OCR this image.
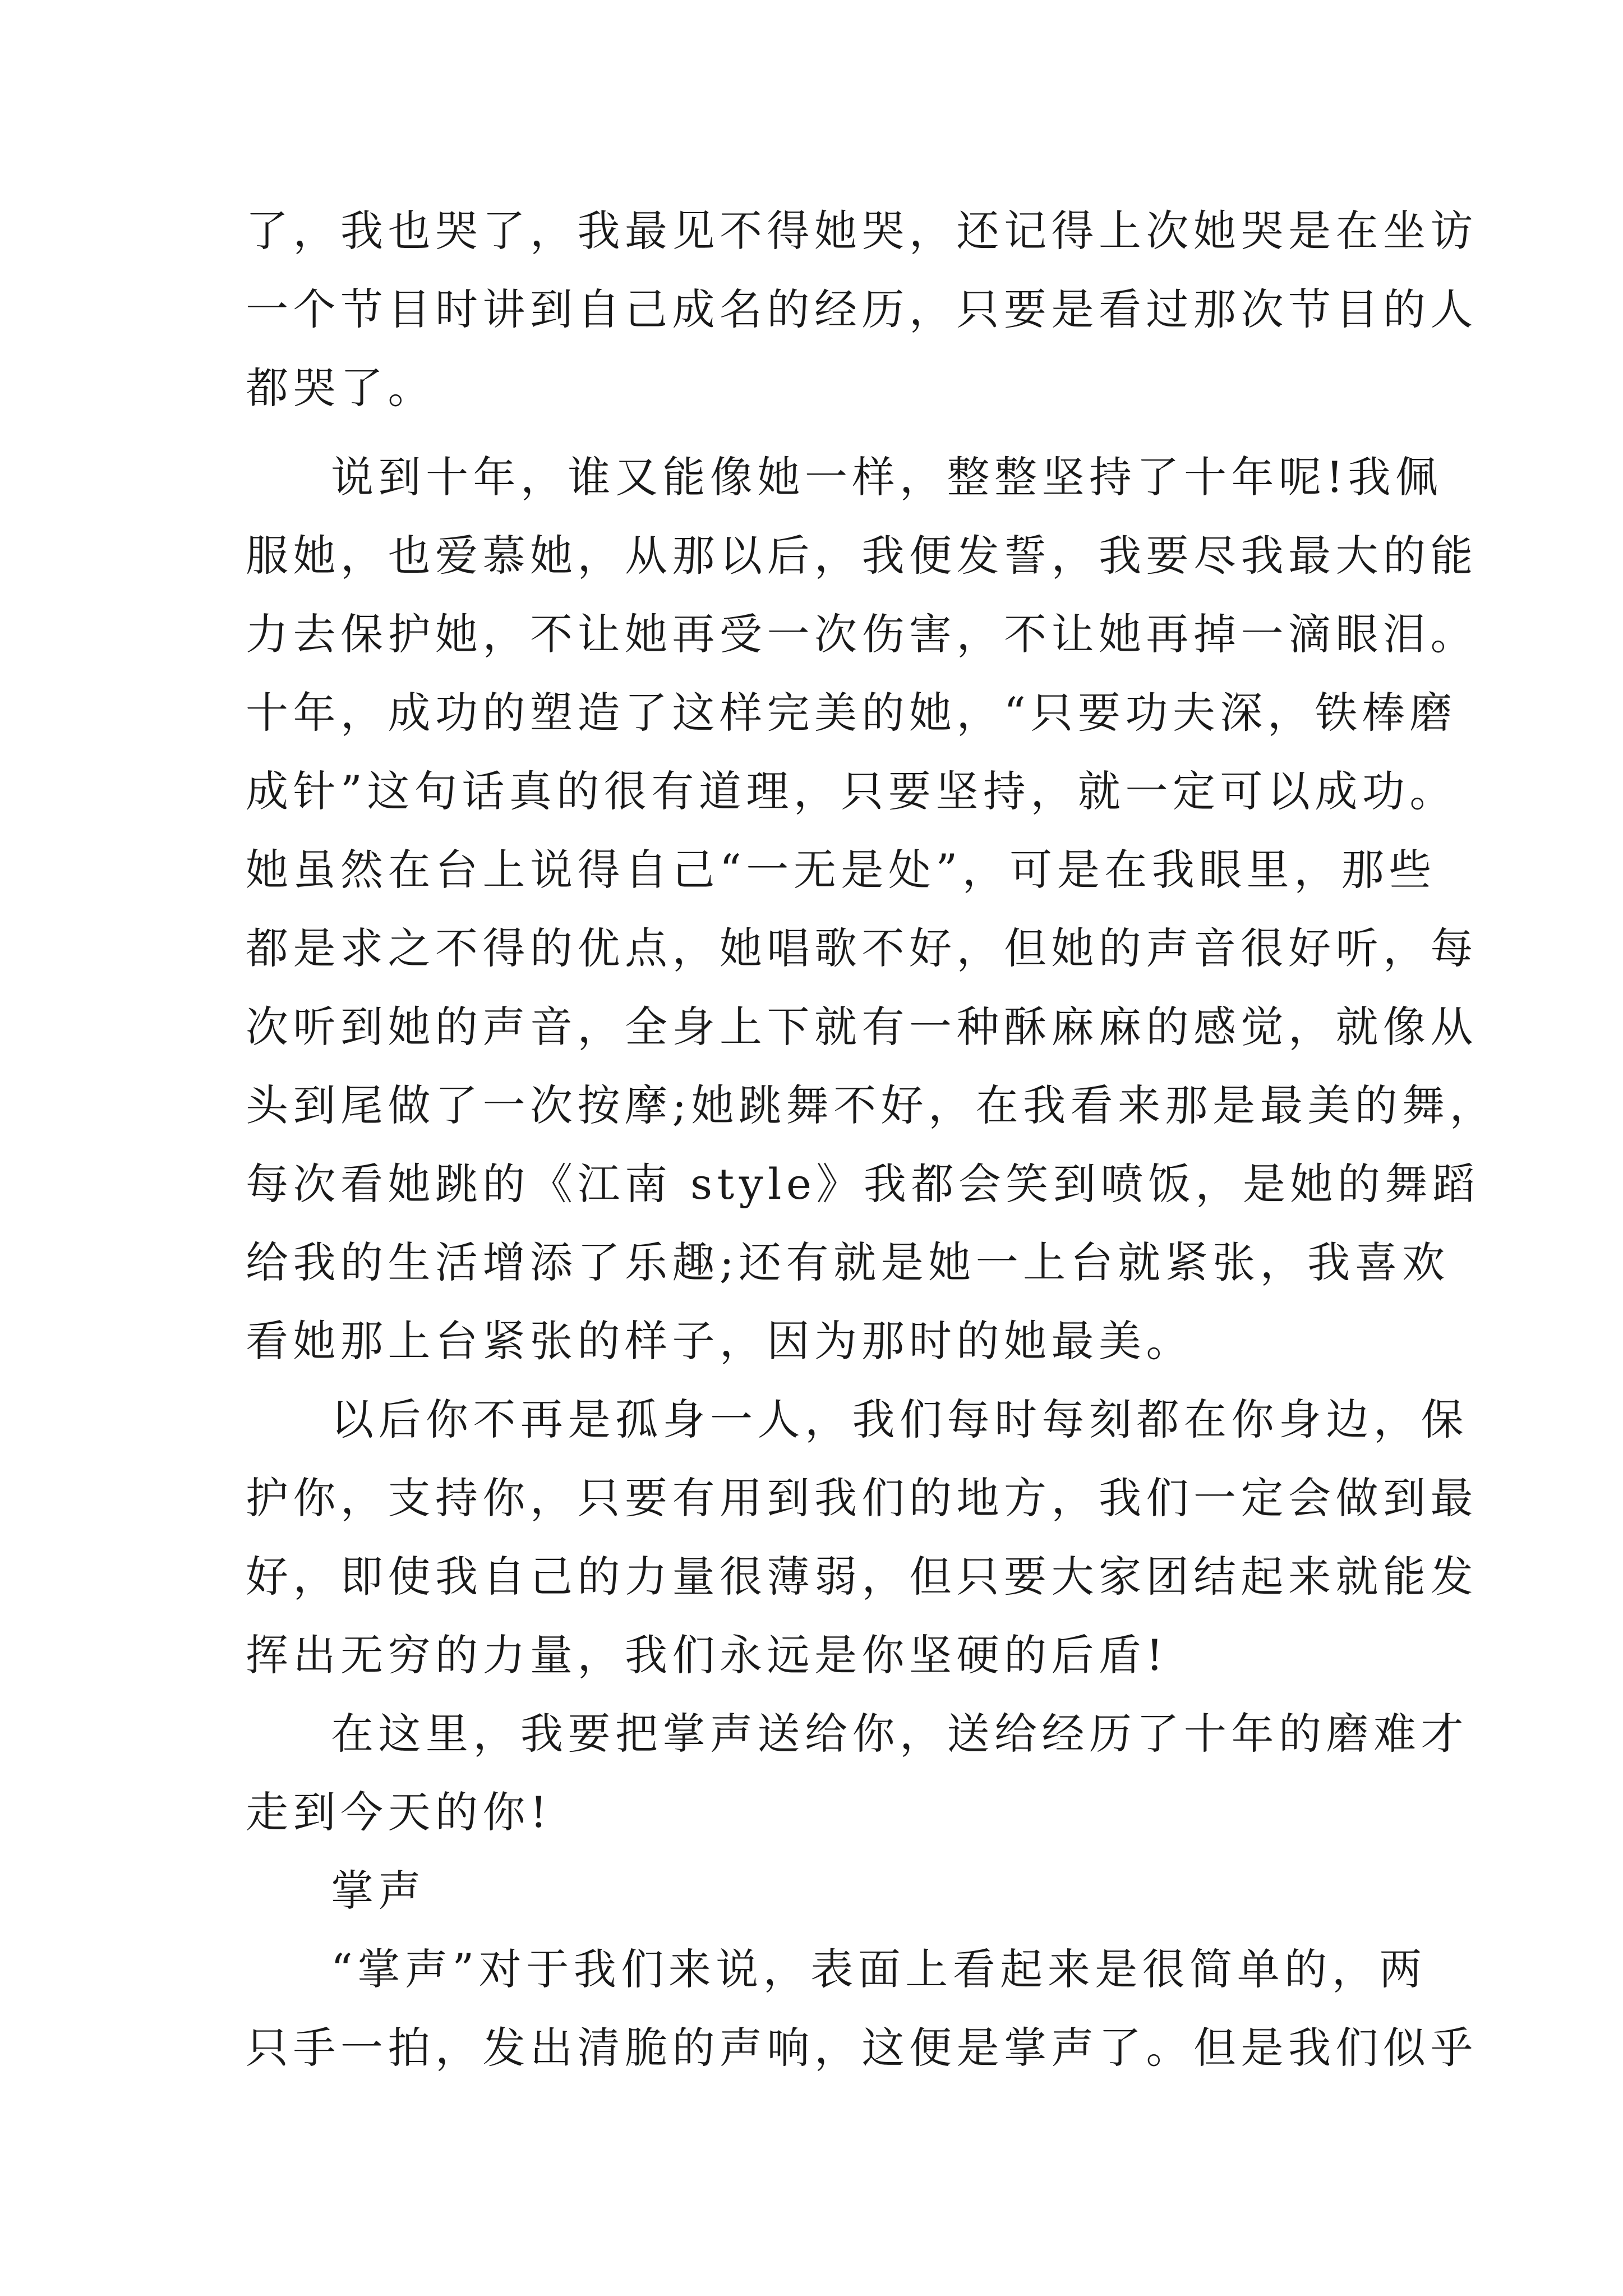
了，我也哭了，我最见不得她哭，还记得上次她哭是在坐访
一个节目时讲到自己成名的经历，只要是看过那次节目的人
都哭了。
说到十年，谁又能像她一样，整整坚持了十年呢!我佩
服她，也爱慕她，从那以后，我便发誓，我要尽我最大的能
力去保护她，不让她再受一次伤害，不让她再掉一滴眼泪。
十年，成功的塑造了这样完美的她，“只要功夫深，铁棒磨
成针”这句话真的很有道理，只要坚持，就一定可以成功。
她虽然在台上说得自己“一无是处”，可是在我眼里，那些
都是求之不得的优点，她唱歌不好，但她的声音很好听，每
次听到她的声音，全身上下就有一种酥麻麻的感觉，就像从
头到尾做了一次按摩;她跳舞不好，在我看来那是最美的舞，
每次看她跳的《江南 style》我都会笑到喷饭，是她的舞蹈
给我的生活增添了乐趣;还有就是她一上台就紧张，我喜欢
看她那上台紧张的样子，因为那时的她最美。
以后你不再是孤身一人，我们每时每刻都在你身边，保
护你，支持你，只要有用到我们的地方，我们一定会做到最
好，即使我自己的力量很薄弱，但只要大家团结起来就能发
挥出无穷的力量，我们永远是你坚硬的后盾!
在这里，我要把掌声送给你，送给经历了十年的磨难才
走到今天的你!
掌声
“掌声”对于我们来说，表面上看起来是很简单的，两
只手一拍，发出清脆的声响，这便是掌声了。但是我们似乎
